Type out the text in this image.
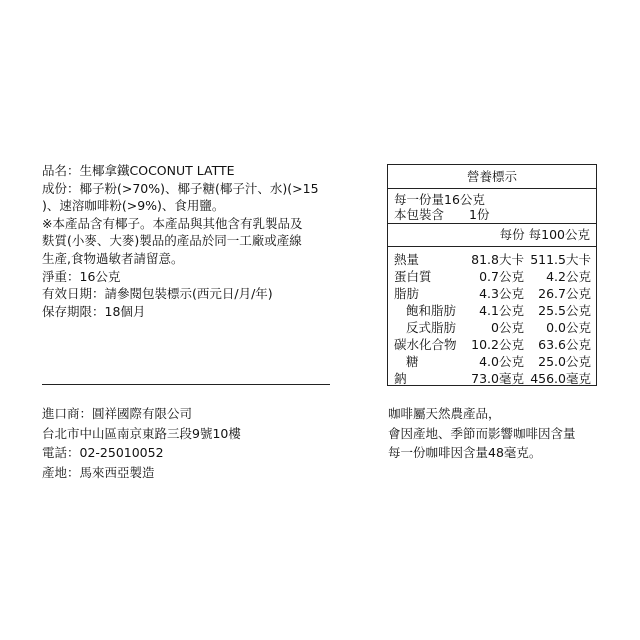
品名：生椰拿鐵COCONUT LATTE
成份：椰子粉(>70%)、椰子糖(椰子汁、水)(>15
)、速溶咖啡粉(>9%)、食用鹽。
※本產品含有椰子。本產品與其他含有乳製品及
麩質(小麥、大麥)製品的產品於同一工廠或產線
生產,食物過敏者請留意。
淨重：16公克
有效日期：請參閱包裝標示(西元日/月/年)
保存期限：18個月
營養標示
每一份量16公克
本包裝含　　1份
每份 每100公克
熱量	81.8大卡 511.5大卡
蛋白質	0.7公克 4.2公克
脂肪	4.3公克 26.7公克
飽和脂肪 4.1公克 25.5公克
反式脂肪	0公克 0.0公克
碳水化合物 10.2公克 63.6公克
糖	4.0公克 25.0公克
鈉	73.0毫克 456.0毫克
進口商：圓祥國際有限公司
台北市中山區南京東路三段9號10樓
電話：02-25010052
產地：馬來西亞製造
咖啡屬天然農產品，
會因產地、季節而影響咖啡因含量
每一份咖啡因含量48毫克。
